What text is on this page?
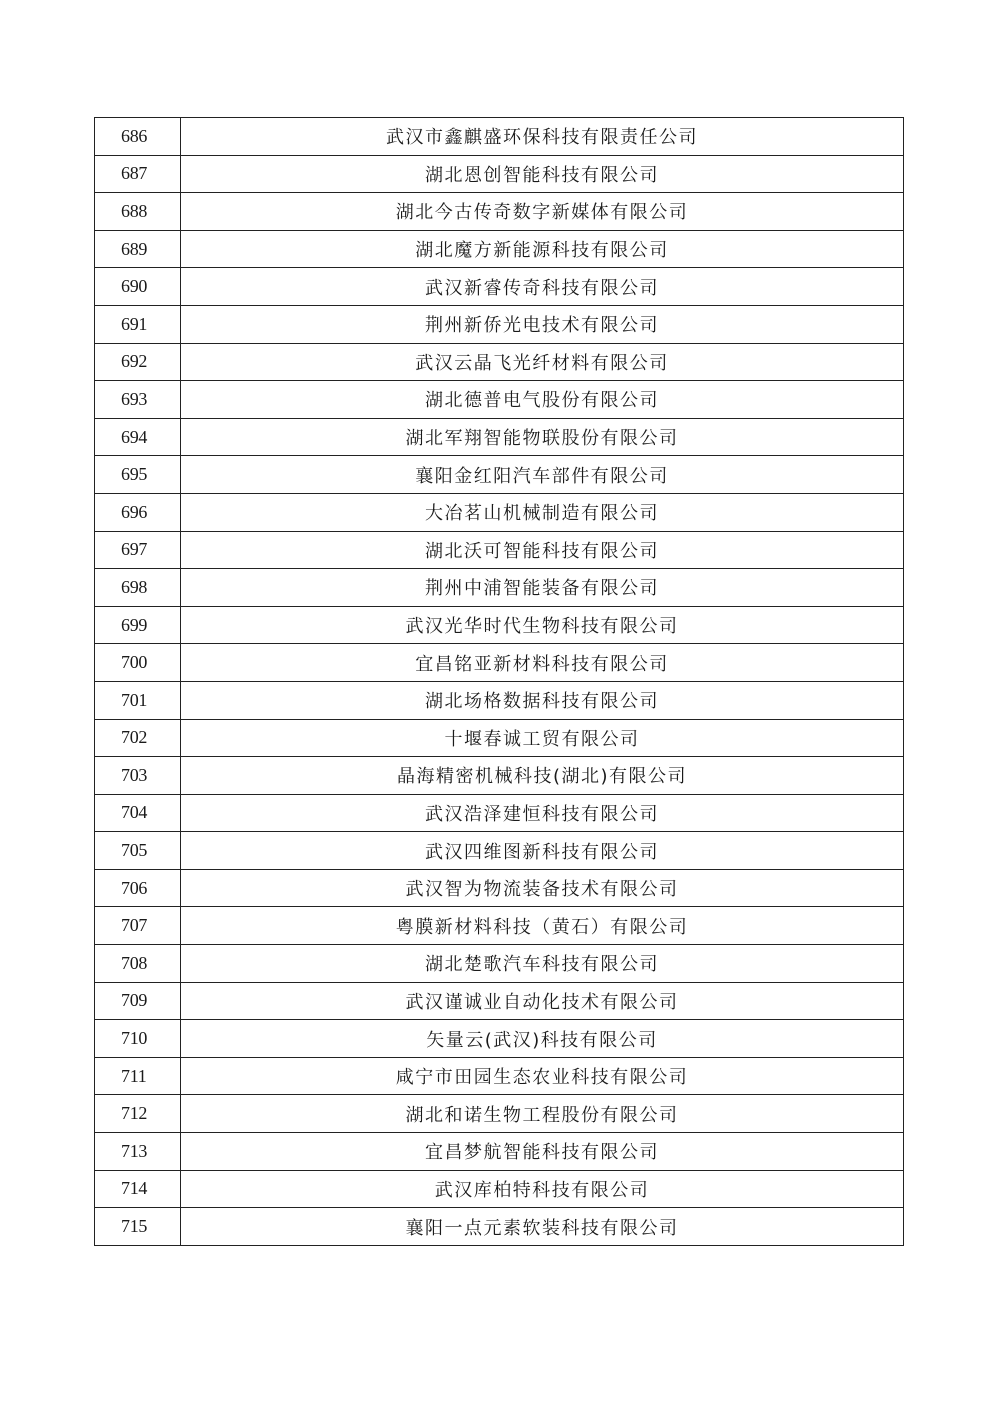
686	武汉市鑫麒盛环保科技有限责任公司
687	湖北恩创智能科技有限公司
688	湖北今古传奇数字新媒体有限公司
689	湖北魔方新能源科技有限公司
690	武汉新睿传奇科技有限公司
691	荆州新侨光电技术有限公司
692	武汉云晶飞光纤材料有限公司
693	湖北德普电气股份有限公司
694	湖北军翔智能物联股份有限公司
695	襄阳金红阳汽车部件有限公司
696	大冶茗山机械制造有限公司
697	湖北沃可智能科技有限公司
698	荆州中浦智能装备有限公司
699	武汉光华时代生物科技有限公司
700	宜昌铭亚新材料科技有限公司
701	湖北场格数据科技有限公司
702	十堰春诚工贸有限公司
703	晶海精密机械科技(湖北)有限公司
704	武汉浩泽建恒科技有限公司
705	武汉四维图新科技有限公司
706	武汉智为物流装备技术有限公司
707	粤膜新材料科技（黄石）有限公司
708	湖北楚歌汽车科技有限公司
709	武汉谨诚业自动化技术有限公司
710	矢量云(武汉)科技有限公司
711	咸宁市田园生态农业科技有限公司
712	湖北和诺生物工程股份有限公司
713	宜昌梦航智能科技有限公司
714	武汉库柏特科技有限公司
715	襄阳一点元素软装科技有限公司
